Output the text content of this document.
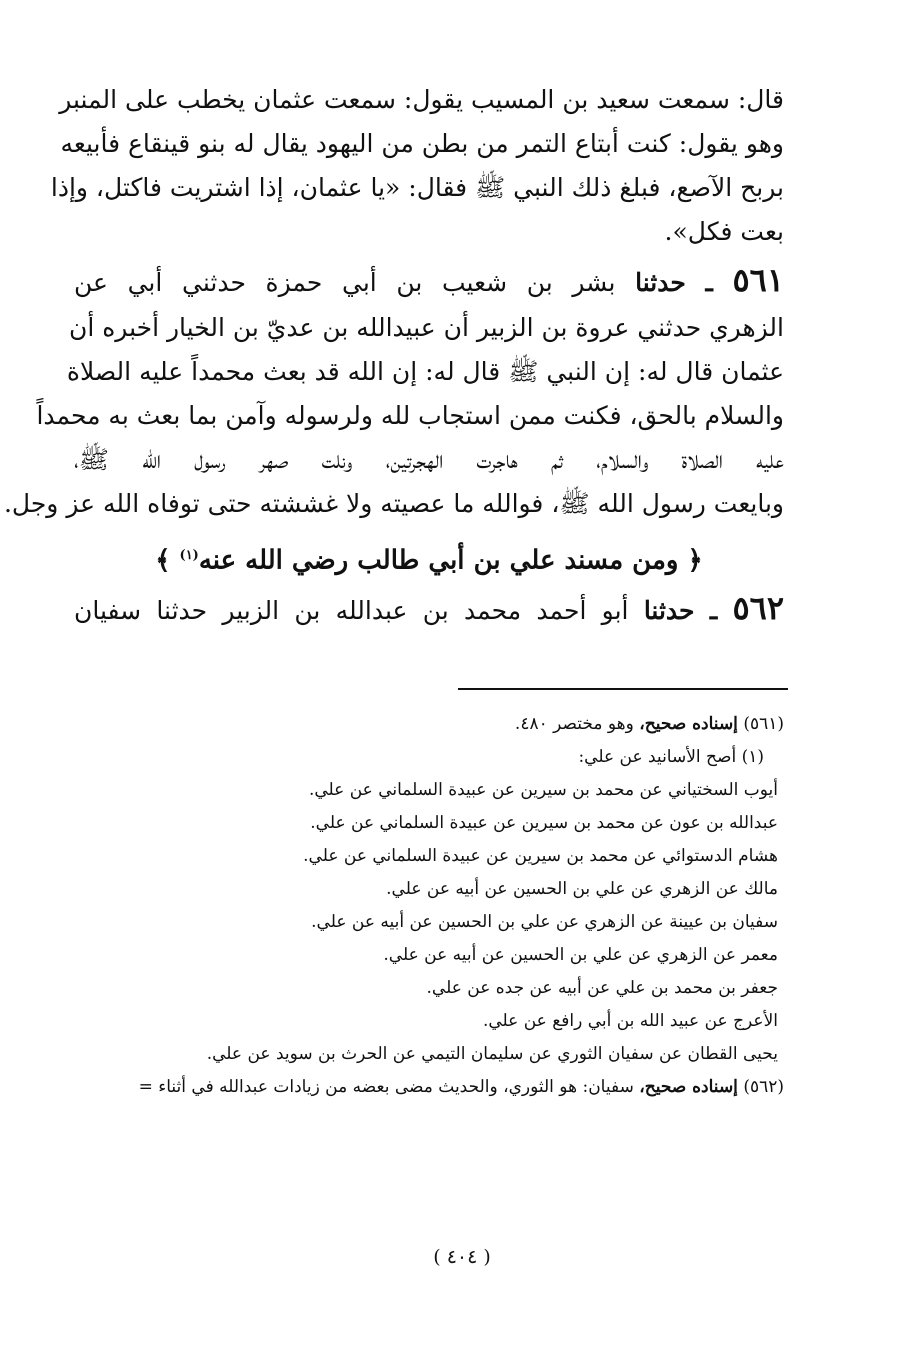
قال: سمعت سعيد بن المسيب يقول: سمعت عثمان يخطب على المنبر
وهو يقول: كنت أبتاع التمر من بطن من اليهود يقال له بنو قينقاع فأبيعه
بربح الآصع، فبلغ ذلك النبي ﷺ فقال: «يا عثمان، إذا اشتريت فاكتل، وإذا
بعت فكل».
٥٦١ ـ حدثنا بشر بن شعيب بن أبي حمزة حدثني أبي عن
الزهري حدثني عروة بن الزبير أن عبيدالله بن عديّ بن الخيار أخبره أن
عثمان قال له: إن النبي ﷺ قال له: إن الله قد بعث محمداً عليه الصلاة
والسلام بالحق، فكنت ممن استجاب لله ولرسوله وآمن بما بعث به محمداً
عليه الصلاة والسلام، ثم هاجرت الهجرتين، ونلت صهر رسول الله ﷺ،
وبايعت رسول الله ﷺ، فوالله ما عصيته ولا غششته حتى توفاه الله عز وجل.
﴿ ومن مسند علي بن أبي طالب رضي الله عنه$^{(١)}$ ﴾
٥٦٢ ـ حدثنا أبو أحمد محمد بن عبدالله بن الزبير حدثنا سفيان
(٥٦١) إسناده صحيح، وهو مختصر ٤٨٠.
(١) أصح الأسانيد عن علي:
أيوب السختياني عن محمد بن سيرين عن عبيدة السلماني عن علي.
عبدالله بن عون عن محمد بن سيرين عن عبيدة السلماني عن علي.
هشام الدستوائي عن محمد بن سيرين عن عبيدة السلماني عن علي.
مالك عن الزهري عن علي بن الحسين عن أبيه عن علي.
سفيان بن عيينة عن الزهري عن علي بن الحسين عن أبيه عن علي.
معمر عن الزهري عن علي بن الحسين عن أبيه عن علي.
جعفر بن محمد بن علي عن أبيه عن جده عن علي.
الأعرج عن عبيد الله بن أبي رافع عن علي.
يحيى القطان عن سفيان الثوري عن سليمان التيمي عن الحرث بن سويد عن علي.
(٥٦٢) إسناده صحيح، سفيان: هو الثوري، والحديث مضى بعضه من زيادات عبدالله في أثناء =
( ٤٠٤ )
